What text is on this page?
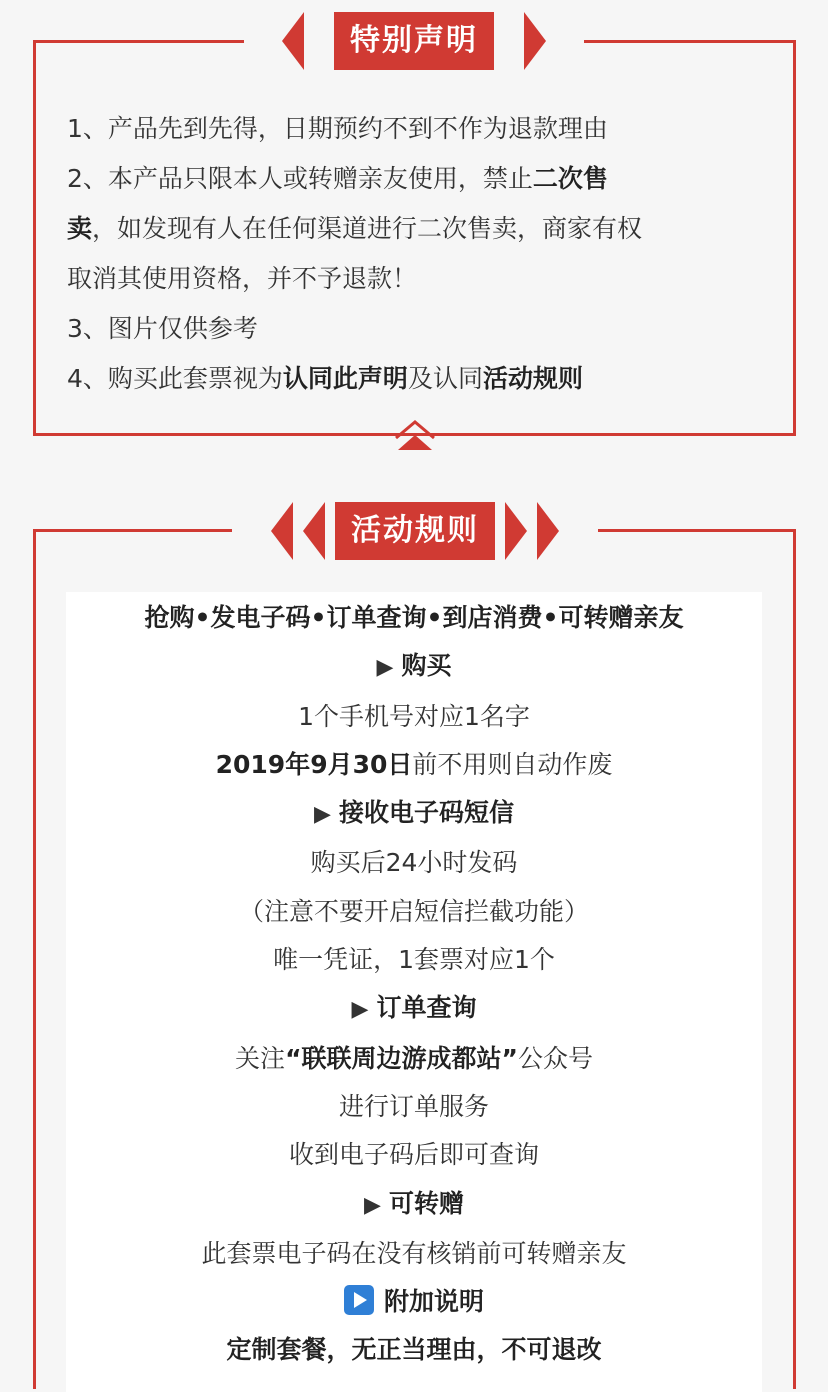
特别声明

1、产品先到先得，日期预约不到不作为退款理由

2、本产品只限本人或转赠亲友使用，禁止二次售

卖，如发现有人在任何渠道进行二次售卖，商家有权

取消其使用资格，并不予退款！

3、图片仅供参考

4、购买此套票视为认同此声明及认同活动规则

活动规则
抢购•发电子码•订单查询•到店消费•可转赠亲友
▶ 购买
1个手机号对应1名字
2019年9月30日前不用则自动作废
▶ 接收电子码短信
购买后24小时发码
（注意不要开启短信拦截功能）
唯一凭证，1套票对应1个
▶ 订单查询
关注“联联周边游成都站”公众号
进行订单服务
收到电子码后即可查询
▶ 可转赠
此套票电子码在没有核销前可转赠亲友
附加说明
定制套餐，无正当理由，不可退改
